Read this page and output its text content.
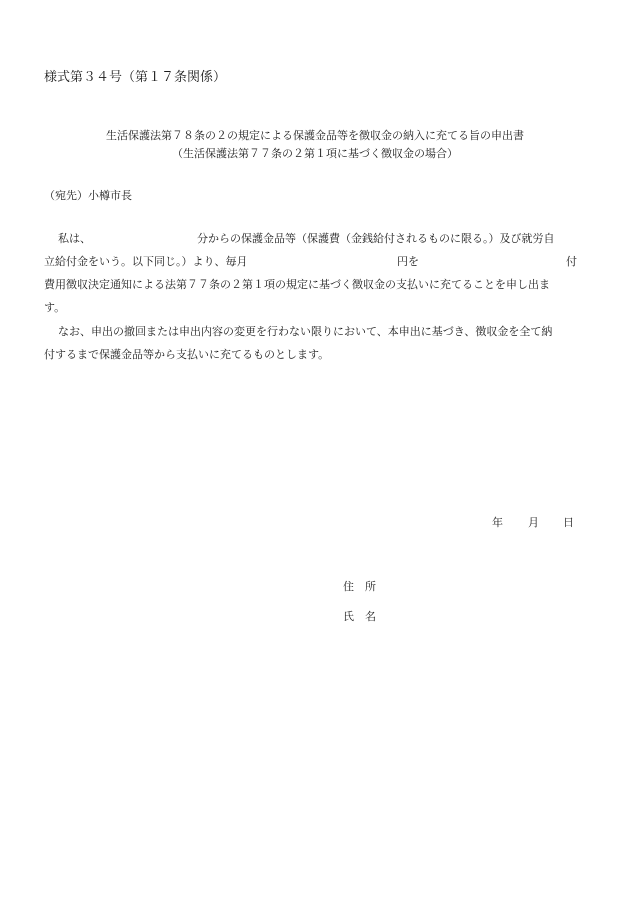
様式第３４号（第１７条関係）
生活保護法第７８条の２の規定による保護金品等を徴収金の納入に充てる旨の申出書
（生活保護法第７７条の２第１項に基づく徴収金の場合）
（宛先）小樽市長
私は、	分からの保護金品等（保護費（金銭給付されるものに限る。）及び就労自
立給付金をいう。以下同じ。）より、毎月	円を	付
費用徴収決定通知による法第７７条の２第１項の規定に基づく徴収金の支払いに充てることを申し出ま
す。
なお、申出の撤回または申出内容の変更を行わない限りにおいて、本申出に基づき、徴収金を全て納
付するまで保護金品等から支払いに充てるものとします。
年 月 日
住　所
氏　名
